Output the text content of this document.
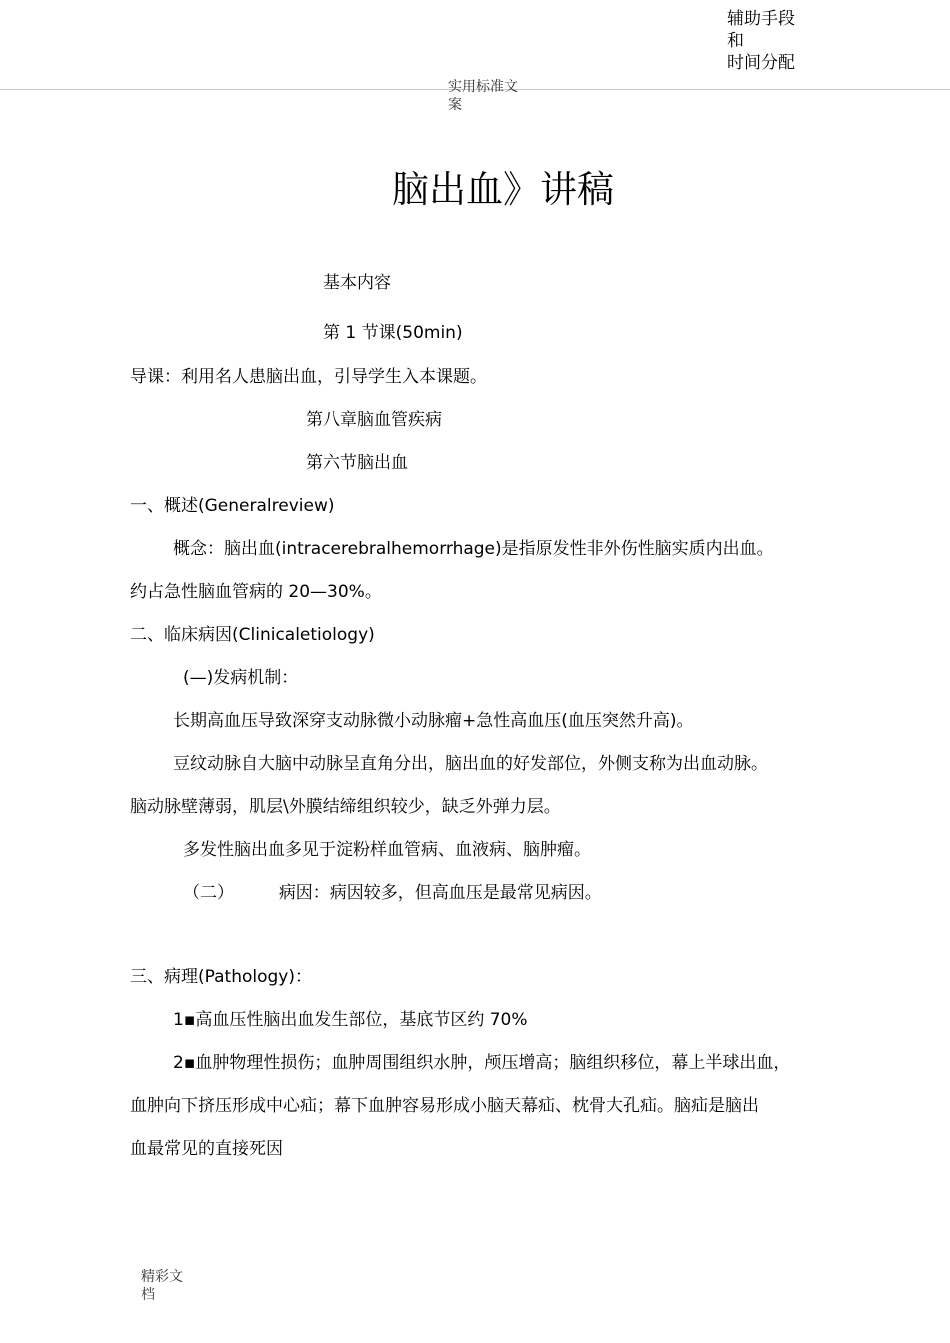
辅助手段
和
时间分配
实用标准文
案
脑出血》讲稿
基本内容
第 1 节课(50min)
导课：利用名人患脑出血，引导学生入本课题。
第八章脑血管疾病
第六节脑出血
一、概述(Generalreview)
概念：脑出血(intracerebralhemorrhage)是指原发性非外伤性脑实质内出血。
约占急性脑血管病的 20—30%。
二、临床病因(Clinicaletiology)
(—)发病机制：
长期高血压导致深穿支动脉微小动脉瘤+急性高血压(血压突然升高)。
豆纹动脉自大脑中动脉呈直角分出，脑出血的好发部位，外侧支称为出血动脉。
脑动脉壁薄弱，肌层\外膜结缔组织较少，缺乏外弹力层。
多发性脑出血多见于淀粉样血管病、血液病、脑肿瘤。
（二）	病因：病因较多，但高血压是最常见病因。
三、病理(Pathology)：
1▪高血压性脑出血发生部位，基底节区约 70%
2▪血肿物理性损伤；血肿周围组织水肿，颅压增高；脑组织移位，幕上半球出血，
血肿向下挤压形成中心疝；幕下血肿容易形成小脑天幕疝、枕骨大孔疝。脑疝是脑出
血最常见的直接死因
精彩文
档
